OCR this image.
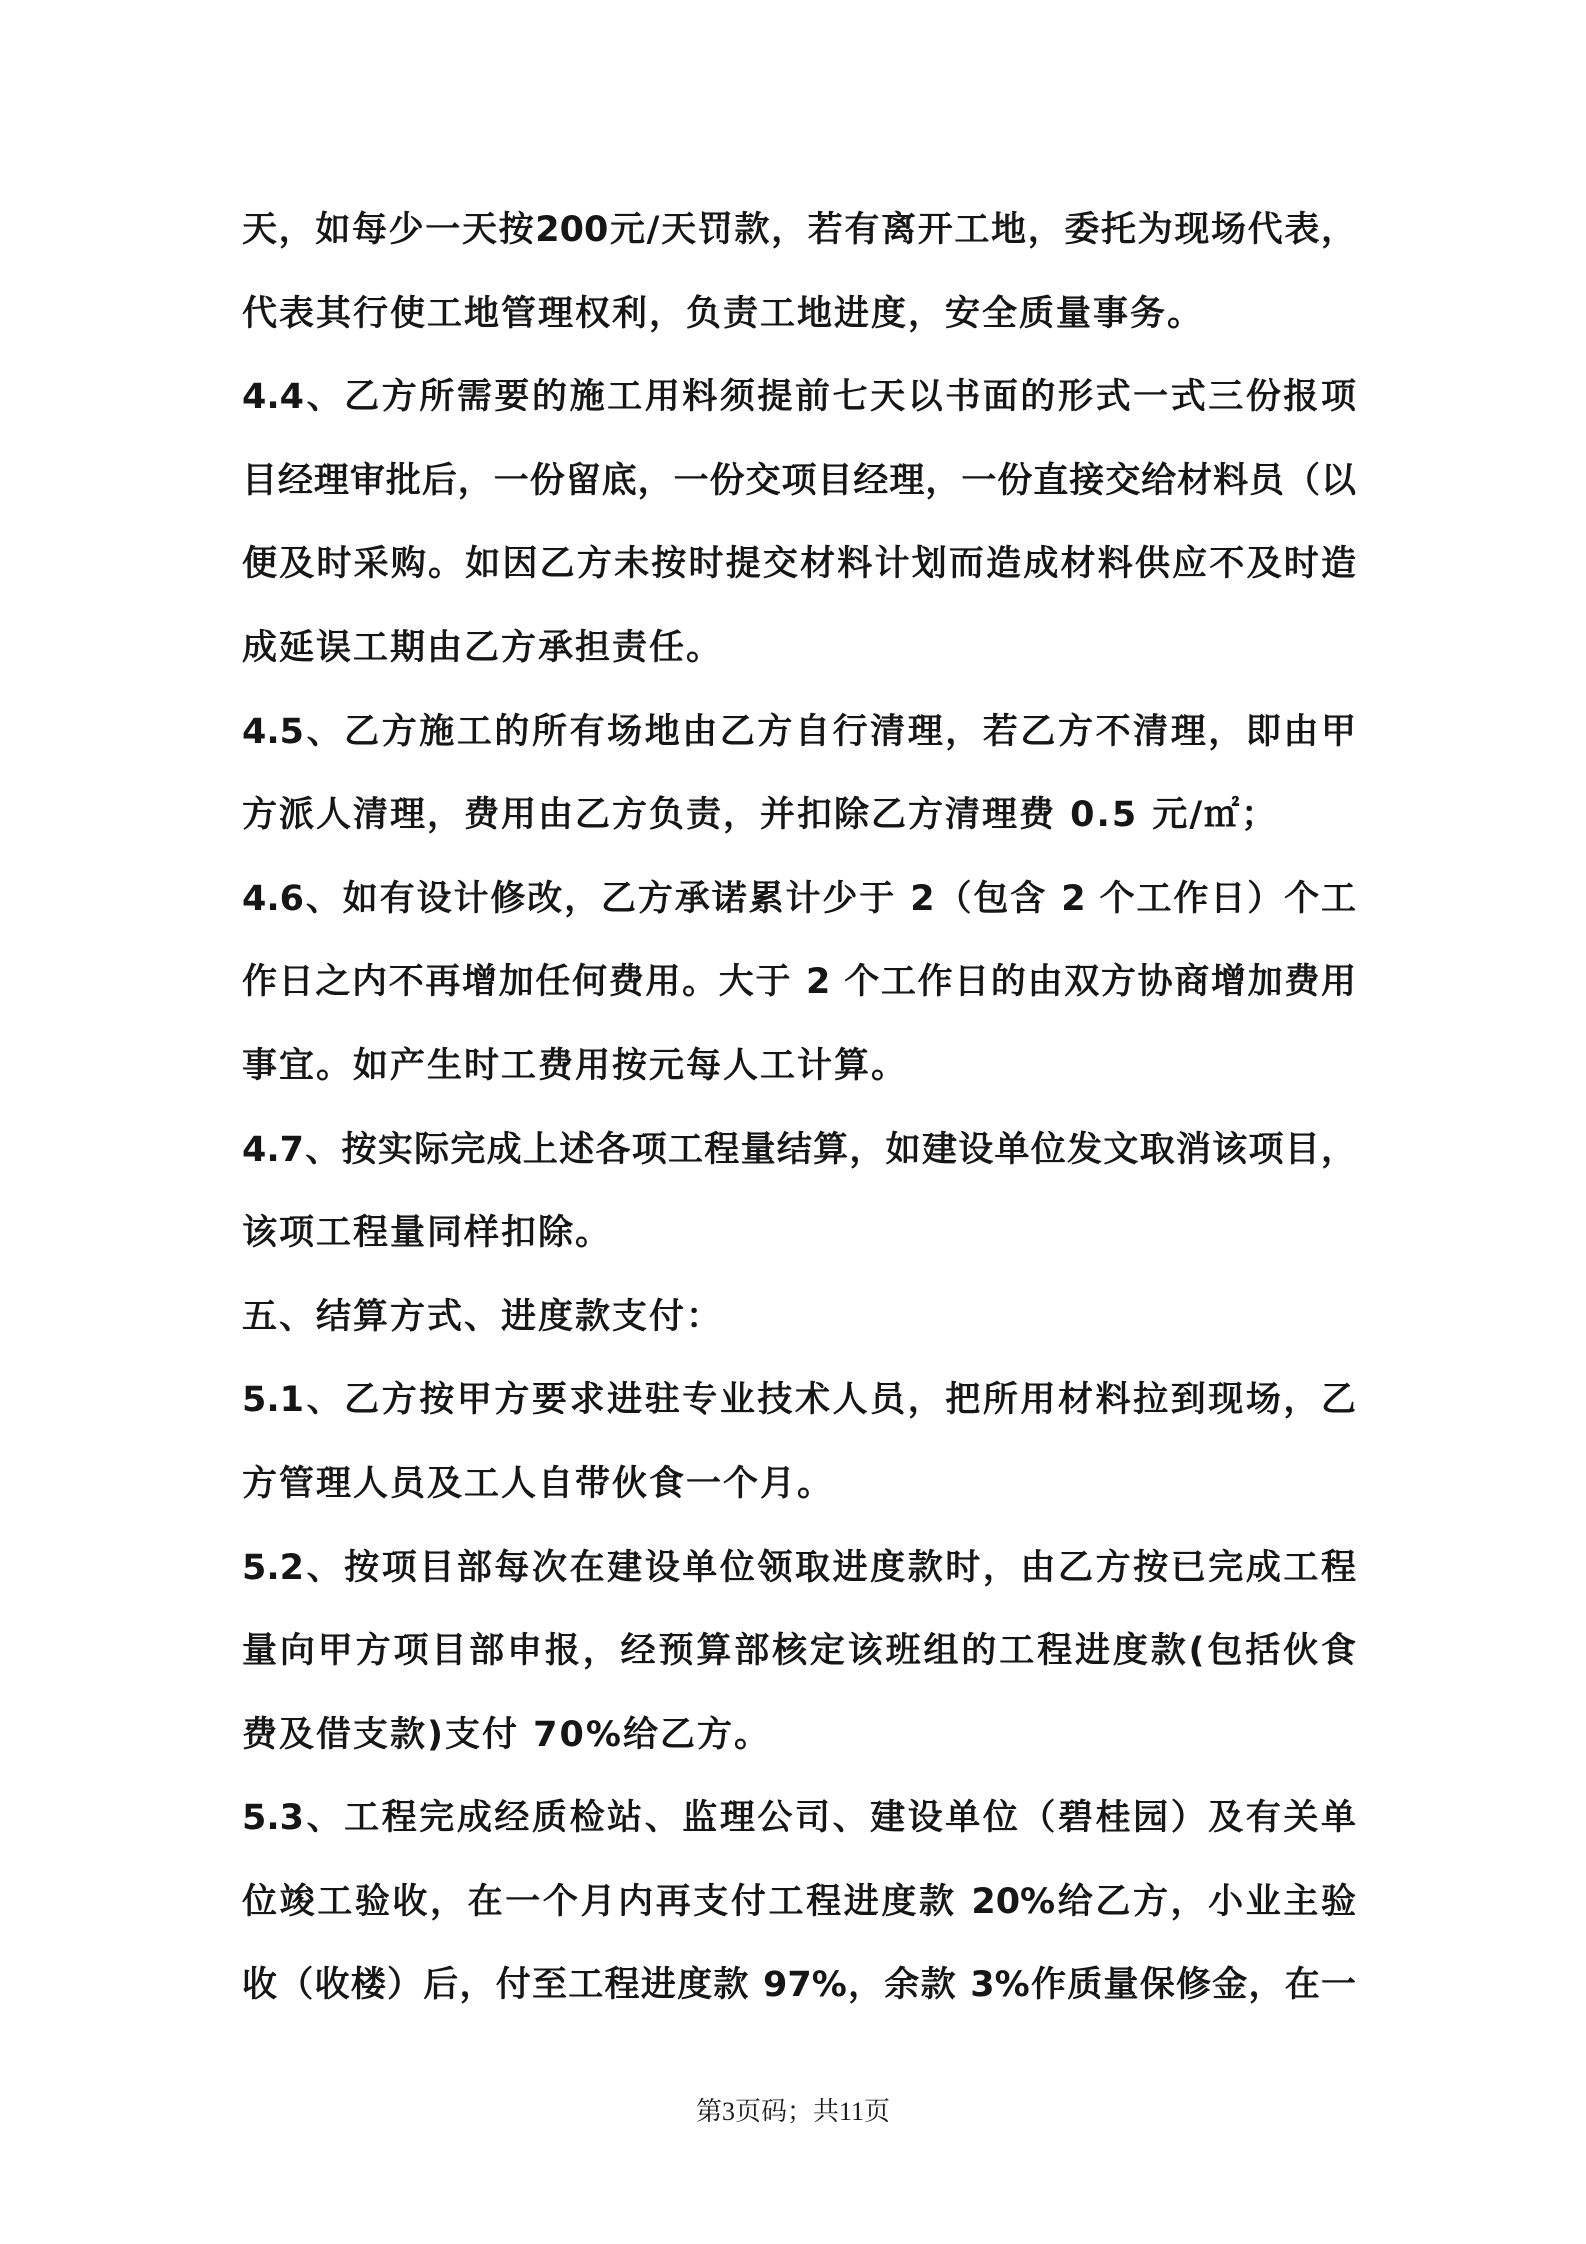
天，如每少一天按200元/天罚款，若有离开工地，委托为现场代表，
代表其行使工地管理权利，负责工地进度，安全质量事务。
4.4、乙方所需要的施工用料须提前七天以书面的形式一式三份报项
目经理审批后，一份留底，一份交项目经理，一份直接交给材料员（以
便及时采购。如因乙方未按时提交材料计划而造成材料供应不及时造
成延误工期由乙方承担责任。
4.5、乙方施工的所有场地由乙方自行清理，若乙方不清理，即由甲
方派人清理，费用由乙方负责，并扣除乙方清理费 0.5 元/㎡；
4.6、如有设计修改，乙方承诺累计少于 2（包含 2 个工作日）个工
作日之内不再增加任何费用。大于 2 个工作日的由双方协商增加费用
事宜。如产生时工费用按元每人工计算。
4.7、按实际完成上述各项工程量结算，如建设单位发文取消该项目，
该项工程量同样扣除。
五、结算方式、进度款支付：
5.1、乙方按甲方要求进驻专业技术人员，把所用材料拉到现场，乙
方管理人员及工人自带伙食一个月。
5.2、按项目部每次在建设单位领取进度款时，由乙方按已完成工程
量向甲方项目部申报，经预算部核定该班组的工程进度款(包括伙食
费及借支款)支付 70%给乙方。
5.3、工程完成经质检站、监理公司、建设单位（碧桂园）及有关单
位竣工验收，在一个月内再支付工程进度款 20%给乙方，小业主验
收（收楼）后，付至工程进度款 97%，余款 3%作质量保修金，在一
第3页码；共11页
